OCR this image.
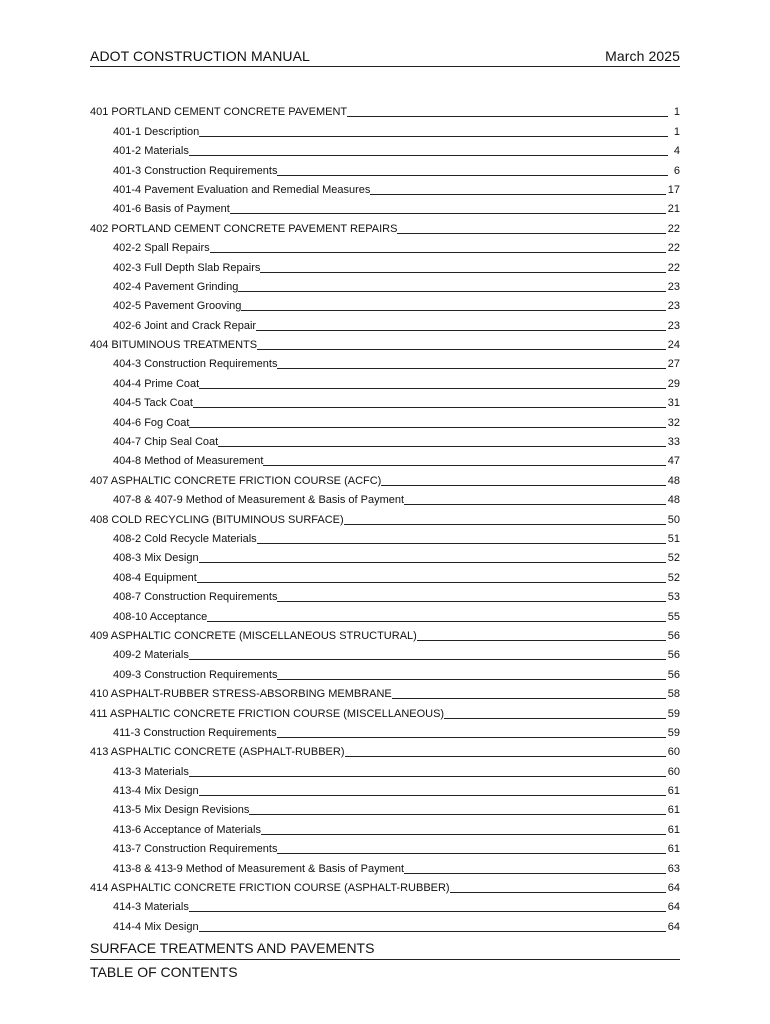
ADOT CONSTRUCTION MANUAL	March 2025
401 PORTLAND CEMENT CONCRETE PAVEMENT	1
401-1 Description	1
401-2 Materials	4
401-3 Construction Requirements	6
401-4 Pavement Evaluation and Remedial Measures	17
401-6 Basis of Payment	21
402 PORTLAND CEMENT CONCRETE PAVEMENT REPAIRS	22
402-2 Spall Repairs	22
402-3 Full Depth Slab Repairs	22
402-4 Pavement Grinding	23
402-5 Pavement Grooving	23
402-6 Joint and Crack Repair	23
404 BITUMINOUS TREATMENTS	24
404-3 Construction Requirements	27
404-4 Prime Coat	29
404-5 Tack Coat	31
404-6 Fog Coat	32
404-7 Chip Seal Coat	33
404-8 Method of Measurement	47
407 ASPHALTIC CONCRETE FRICTION COURSE (ACFC)	48
407-8 & 407-9 Method of Measurement & Basis of Payment	48
408 COLD RECYCLING (BITUMINOUS SURFACE)	50
408-2 Cold Recycle Materials	51
408-3 Mix Design	52
408-4 Equipment	52
408-7 Construction Requirements	53
408-10 Acceptance	55
409 ASPHALTIC CONCRETE (MISCELLANEOUS STRUCTURAL)	56
409-2 Materials	56
409-3 Construction Requirements	56
410 ASPHALT-RUBBER STRESS-ABSORBING MEMBRANE	58
411 ASPHALTIC CONCRETE FRICTION COURSE (MISCELLANEOUS)	59
411-3 Construction Requirements	59
413 ASPHALTIC CONCRETE (ASPHALT-RUBBER)	60
413-3 Materials	60
413-4 Mix Design	61
413-5 Mix Design Revisions	61
413-6 Acceptance of Materials	61
413-7 Construction Requirements	61
413-8 & 413-9 Method of Measurement & Basis of Payment	63
414 ASPHALTIC CONCRETE FRICTION COURSE (ASPHALT-RUBBER)	64
414-3 Materials	64
414-4 Mix Design	64
SURFACE TREATMENTS AND PAVEMENTS
TABLE OF CONTENTS
